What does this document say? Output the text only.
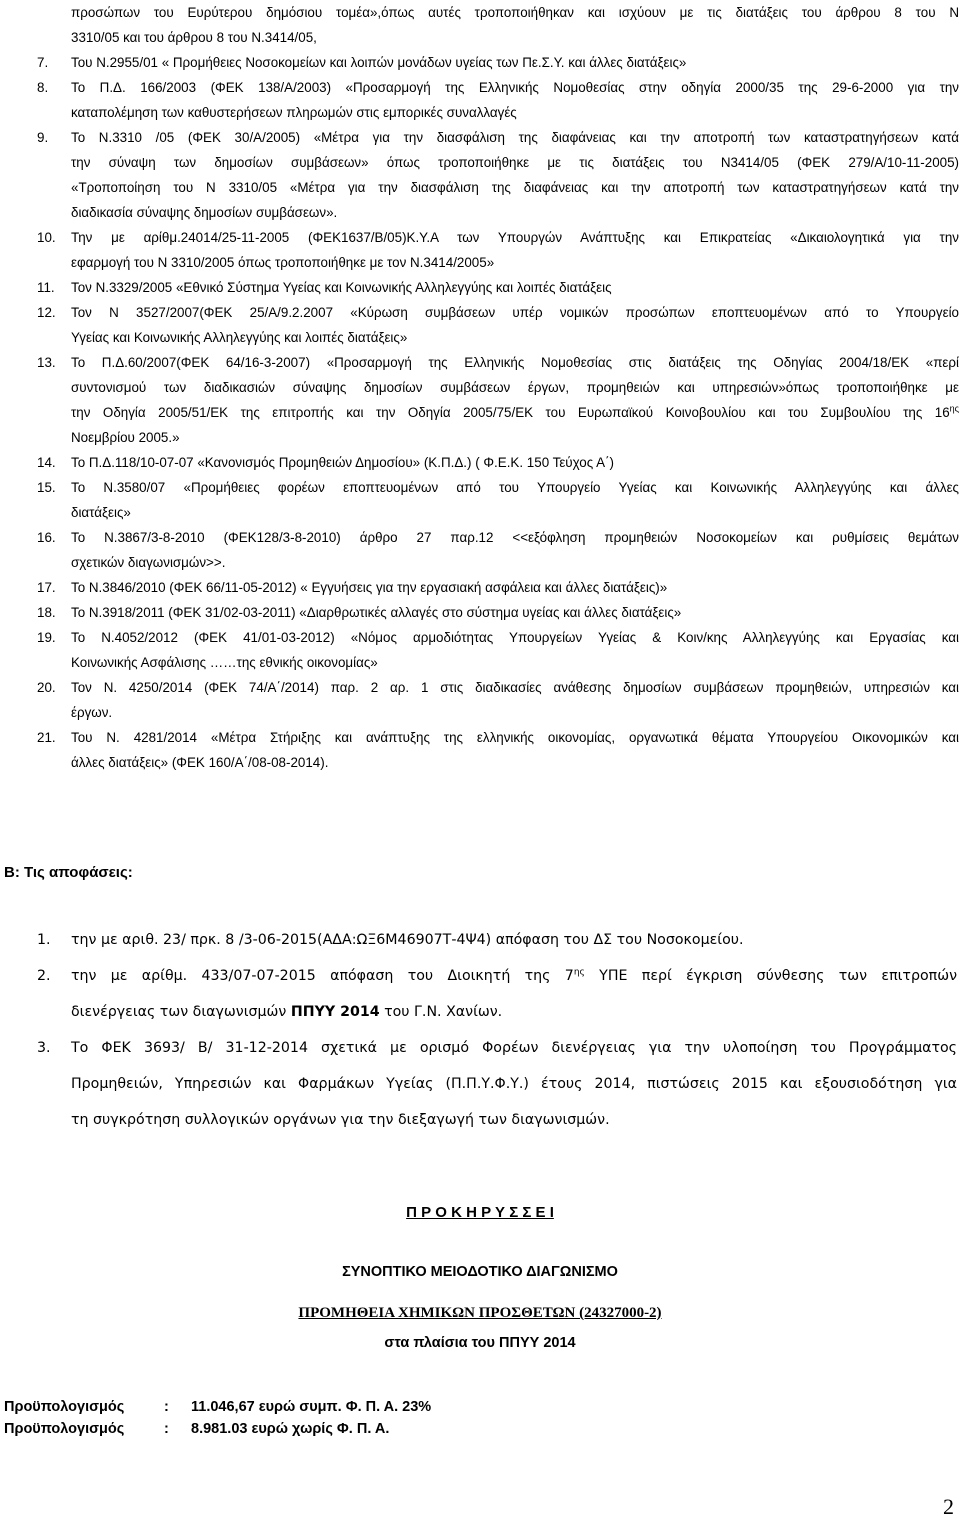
προσώπων του Ευρύτερου δημόσιου τομέα»,όπως αυτές τροποποιήθηκαν και ισχύουν με τις διατάξεις του άρθρου 8 του Ν
3310/05 και του άρθρου 8 του Ν.3414/05,
7.	Του Ν.2955/01 « Προμήθειες Νοσοκομείων και λοιπών μονάδων υγείας των Πε.Σ.Υ. και άλλες διατάξεις»
8.	Το Π.Δ. 166/2003 (ΦΕΚ 138/Α/2003) «Προσαρμογή της Ελληνικής Νομοθεσίας στην οδηγία 2000/35 της 29-6-2000 για την
καταπολέμηση των καθυστερήσεων πληρωμών στις εμπορικές συναλλαγές
9.	Το Ν.3310 /05 (ΦΕΚ 30/Α/2005) «Μέτρα για την διασφάλιση της διαφάνειας και την αποτροπή των καταστρατηγήσεων κατά
την σύναψη των δημοσίων συμβάσεων» όπως τροποποιήθηκε με τις διατάξεις του Ν3414/05 (ΦΕΚ 279/Α/10-11-2005)
«Τροποποίηση του Ν 3310/05 «Μέτρα για την διασφάλιση της διαφάνειας και την αποτροπή των καταστρατηγήσεων κατά την
διαδικασία σύναψης δημοσίων συμβάσεων».
10.	Την με αρίθμ.24014/25-11-2005 (ΦΕΚ1637/Β/05)Κ.Υ.Α των Υπουργών Ανάπτυξης και Επικρατείας «Δικαιολογητικά για την
εφαρμογή του Ν 3310/2005 όπως τροποποιήθηκε με τον Ν.3414/2005»
11.	Τον Ν.3329/2005 «Εθνικό Σύστημα Υγείας και Κοινωνικής Αλληλεγγύης και λοιπές διατάξεις
12.	Τον Ν 3527/2007(ΦΕΚ 25/Α/9.2.2007 «Κύρωση συμβάσεων υπέρ νομικών προσώπων εποπτευομένων από το Υπουργείο
Υγείας και Κοινωνικής Αλληλεγγύης και λοιπές διατάξεις»
13.	Το Π.Δ.60/2007(ΦΕΚ 64/16-3-2007) «Προσαρμογή της Ελληνικής Νομοθεσίας στις διατάξεις της Οδηγίας 2004/18/ΕΚ «περί
συντονισμού των διαδικασιών σύναψης δημοσίων συμβάσεων έργων, προμηθειών και υπηρεσιών»όπως τροποποιήθηκε με
την Οδηγία 2005/51/ΕΚ της επιτροπής και την Οδηγία 2005/75/ΕΚ του Ευρωπαϊκού Κοινοβουλίου και του Συμβουλίου της $16^{\eta\varsigma}$
Νοεμβρίου 2005.»
14.	Το Π.Δ.118/10-07-07 «Κανονισμός Προμηθειών Δημοσίου» (Κ.Π.Δ.) ( Φ.Ε.Κ. 150 Τεύχος Α΄)
15.	Το Ν.3580/07 «Προμήθειες φορέων εποπτευομένων από του Υπουργείο Υγείας και Κοινωνικής Αλληλεγγύης και άλλες
διατάξεις»
16.	Το Ν.3867/3-8-2010 (ΦΕΚ128/3-8-2010) άρθρο 27 παρ.12 <<εξόφληση προμηθειών Νοσοκομείων και ρυθμίσεις θεμάτων
σχετικών διαγωνισμών>>.
17.	Το Ν.3846/2010 (ΦΕΚ 66/11-05-2012) « Εγγυήσεις για την εργασιακή ασφάλεια και άλλες διατάξεις)»
18.	Το Ν.3918/2011 (ΦΕΚ 31/02-03-2011) «Διαρθρωτικές αλλαγές στο σύστημα υγείας και άλλες διατάξεις»
19.	Το Ν.4052/2012 (ΦΕΚ 41/01-03-2012) «Νόμος αρμοδιότητας Υπουργείων Υγείας & Κοιν/κης Αλληλεγγύης και Εργασίας και
Κοινωνικής Ασφάλισης ……της εθνικής οικονομίας»
20.	Τον Ν. 4250/2014 (ΦΕΚ 74/Α΄/2014) παρ. 2 αρ. 1 στις διαδικασίες ανάθεσης δημοσίων συμβάσεων προμηθειών, υπηρεσιών και
έργων.
21.	Του Ν. 4281/2014 «Μέτρα Στήριξης και ανάπτυξης της ελληνικής οικονομίας, οργανωτικά θέματα Υπουργείου Οικονομικών και
άλλες διατάξεις» (ΦΕΚ 160/Α΄/08-08-2014).
Β: Τις αποφάσεις:
1.	την με αριθ. 23/ πρκ. 8 /3-06-2015(ΑΔΑ:ΩΞ6Μ46907Τ-4Ψ4) απόφαση του ΔΣ του Νοσοκομείου.
2.	την με αρίθμ. 433/07-07-2015 απόφαση του Διοικητή της $7^{\eta\varsigma}$ ΥΠΕ περί έγκριση σύνθεσης των επιτροπών
διενέργειας των διαγωνισμών ΠΠΥΥ 2014 του Γ.Ν. Χανίων.
3.	Το ΦΕΚ 3693/ Β/ 31-12-2014 σχετικά με ορισμό Φορέων διενέργειας για την υλοποίηση του Προγράμματος
Προμηθειών, Υπηρεσιών και Φαρμάκων Υγείας (Π.Π.Υ.Φ.Υ.) έτους 2014, πιστώσεις 2015 και εξουσιοδότηση για
τη συγκρότηση συλλογικών οργάνων για την διεξαγωγή των διαγωνισμών.
Π Ρ Ο Κ Η Ρ Υ Σ Σ Ε Ι
ΣΥΝΟΠΤΙΚΟ ΜΕΙΟΔΟΤΙΚΟ ΔΙΑΓΩΝΙΣΜΟ
ΠΡΟΜΗΘΕΙΑ ΧΗΜΙΚΩΝ ΠΡΟΣΘΕΤΩΝ (24327000-2)
στα πλαίσια του ΠΠΥΥ 2014
Προϋπολογισμός	: 11.046,67 ευρώ συμπ. Φ. Π. Α. 23%
Προϋπολογισμός	: 8.981.03 ευρώ χωρίς Φ. Π. Α.
2
